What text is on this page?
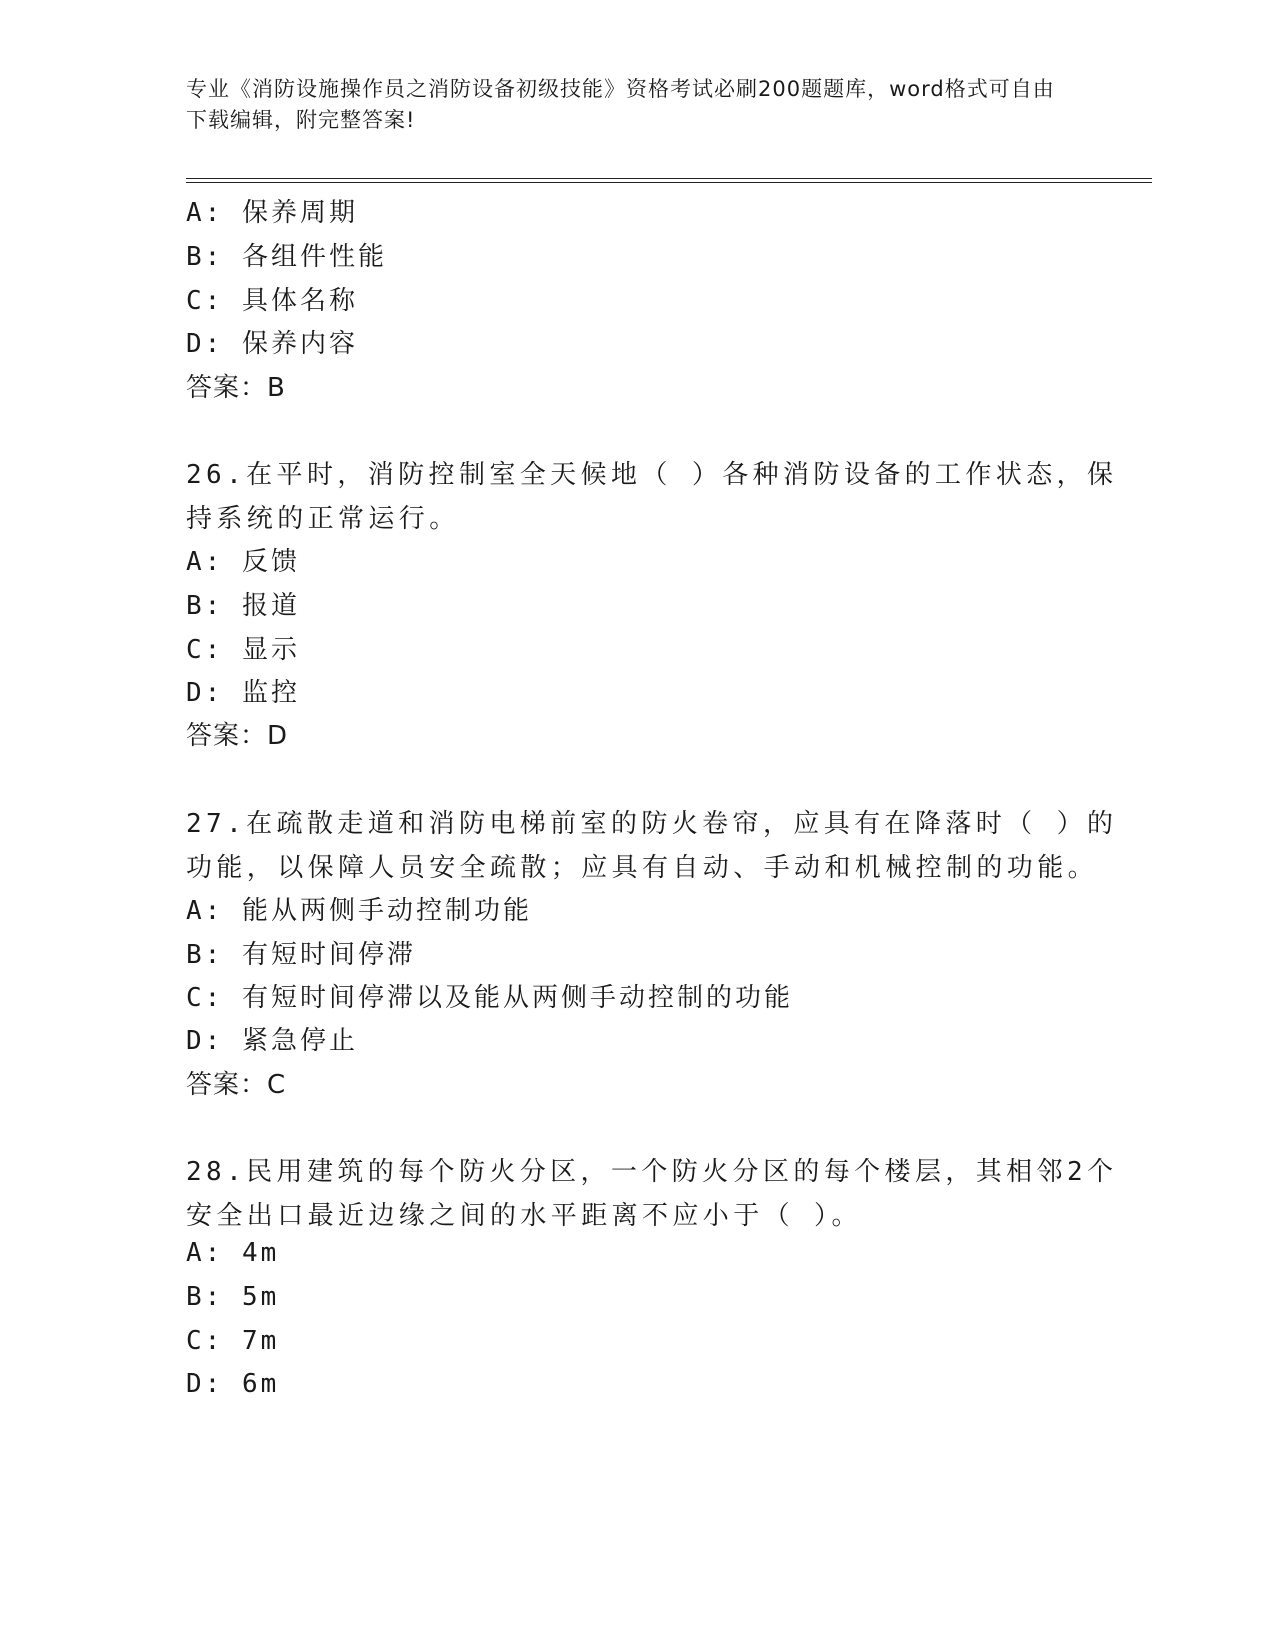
专业《消防设施操作员之消防设备初级技能》资格考试必刷200题题库，word格式可自由下载编辑，附完整答案!
A: 保养周期
B: 各组件性能
C: 具体名称
D: 保养内容
答案：B
26.在平时，消防控制室全天候地（ ）各种消防设备的工作状态，保
持系统的正常运行。
A: 反馈
B: 报道
C: 显示
D: 监控
答案：D
27.在疏散走道和消防电梯前室的防火卷帘，应具有在降落时（ ）的
功能，以保障人员安全疏散；应具有自动、手动和机械控制的功能。
A: 能从两侧手动控制功能
B: 有短时间停滞
C: 有短时间停滞以及能从两侧手动控制的功能
D: 紧急停止
答案：C
28.民用建筑的每个防火分区，一个防火分区的每个楼层，其相邻2个
安全出口最近边缘之间的水平距离不应小于（ ）。
A: 4m
B: 5m
C: 7m
D: 6m
